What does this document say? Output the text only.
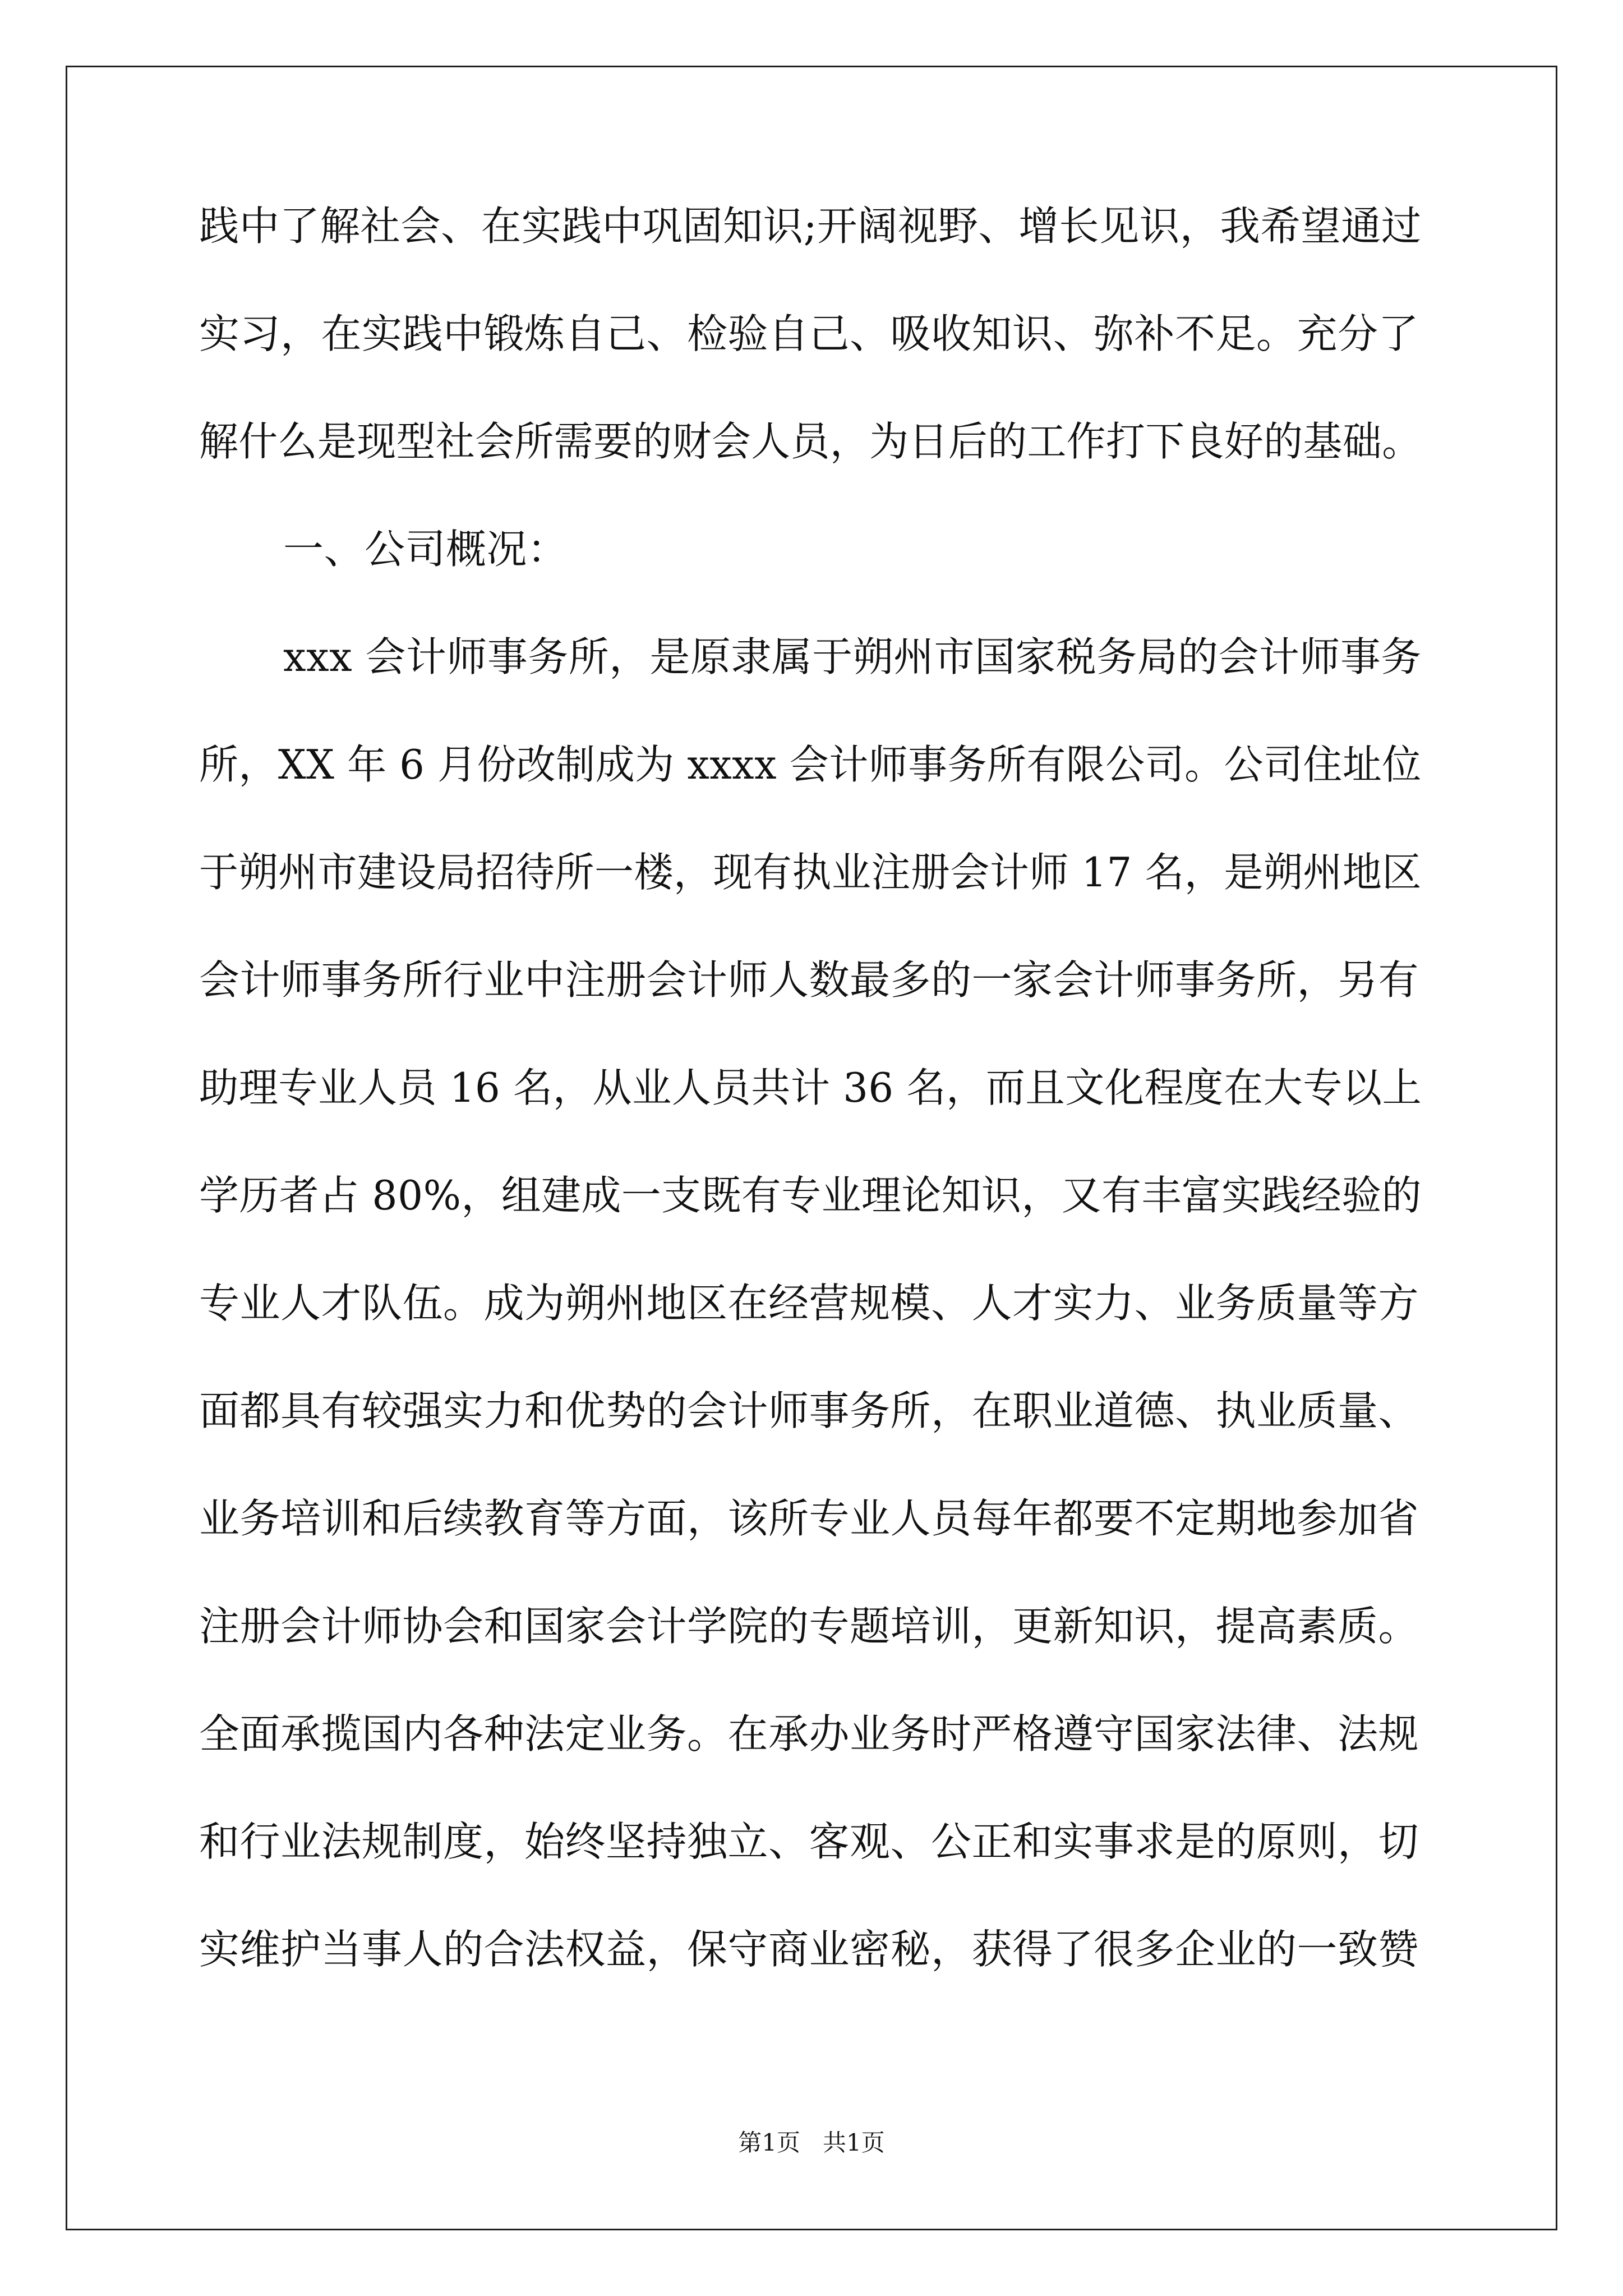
践中了解社会、在实践中巩固知识;开阔视野、增长见识，我希望通过
实习，在实践中锻炼自己、检验自己、吸收知识、弥补不足。充分了
解什么是现型社会所需要的财会人员，为日后的工作打下良好的基础。
一、公司概况：
xxx 会计师事务所，是原隶属于朔州市国家税务局的会计师事务
所，XX 年 6 月份改制成为 xxxx 会计师事务所有限公司。公司住址位
于朔州市建设局招待所一楼，现有执业注册会计师 17 名，是朔州地区
会计师事务所行业中注册会计师人数最多的一家会计师事务所，另有
助理专业人员 16 名，从业人员共计 36 名，而且文化程度在大专以上
学历者占 80%，组建成一支既有专业理论知识，又有丰富实践经验的
专业人才队伍。成为朔州地区在经营规模、人才实力、业务质量等方
面都具有较强实力和优势的会计师事务所，在职业道德、执业质量、
业务培训和后续教育等方面，该所专业人员每年都要不定期地参加省
注册会计师协会和国家会计学院的专题培训，更新知识，提高素质。
全面承揽国内各种法定业务。在承办业务时严格遵守国家法律、法规
和行业法规制度，始终坚持独立、客观、公正和实事求是的原则，切
实维护当事人的合法权益，保守商业密秘，获得了很多企业的一致赞
第1页   共1页
